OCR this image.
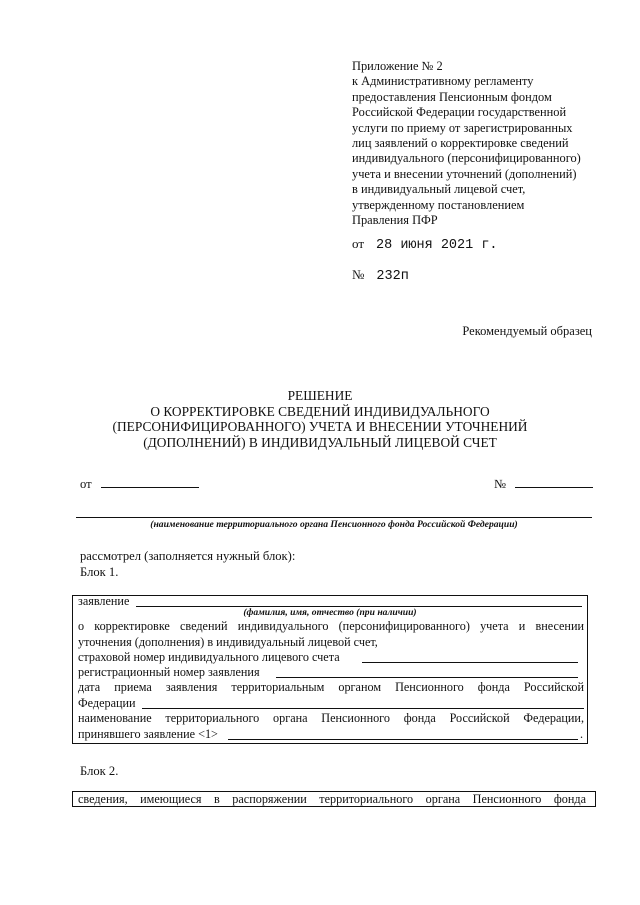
Приложение № 2
к Административному регламенту
предоставления Пенсионным фондом
Российской Федерации государственной
услуги по приему от зарегистрированных
лиц заявлений о корректировке сведений
индивидуального (персонифицированного)
учета и внесении уточнений (дополнений)
в индивидуальный лицевой счет,
утвержденному постановлением
Правления ПФР
от 28 июня 2021 г.
№ 232п
Рекомендуемый образец
РЕШЕНИЕ
О КОРРЕКТИРОВКЕ СВЕДЕНИЙ ИНДИВИДУАЛЬНОГО
(ПЕРСОНИФИЦИРОВАННОГО) УЧЕТА И ВНЕСЕНИИ УТОЧНЕНИЙ
(ДОПОЛНЕНИЙ) В ИНДИВИДУАЛЬНЫЙ ЛИЦЕВОЙ СЧЕТ
от	№
(наименование территориального органа Пенсионного фонда Российской Федерации)
рассмотрел (заполняется нужный блок):
Блок 1.
заявление
(фамилия, имя, отчество (при наличии)
о корректировке сведений индивидуального (персонифицированного) учета и внесении
уточнения (дополнения) в индивидуальный лицевой счет,
страховой номер индивидуального лицевого счета
регистрационный номер заявления
дата приема заявления территориальным органом Пенсионного фонда Российской
Федерации
наименование территориального органа Пенсионного фонда Российской Федерации,
принявшего заявление <1>	.
Блок 2.
сведения, имеющиеся в распоряжении территориального органа Пенсионного фонда
